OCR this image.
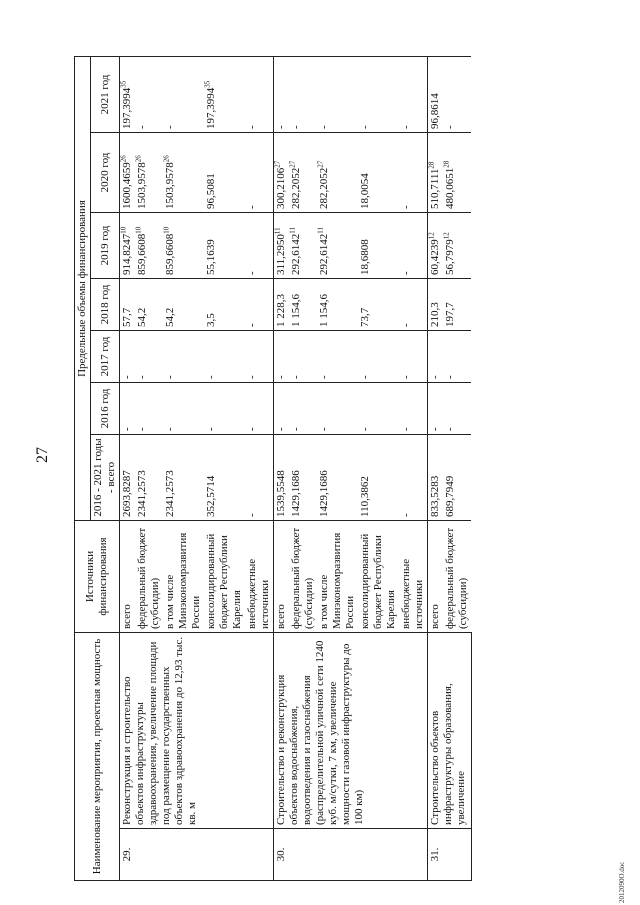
27
2012090O.doc
Наименование мероприятия, проектная мощность		Источники финансирования	Предельные объемы финансирования						
			2016 - 2021 годы - всего	2016 год	2017 год	2018 год	2019 год	2020 год	2021 год
29.	Реконструкция и строительство объектов инфраструктуры здравоохранения, увеличение площади под размещение государственных объектов здравоохранения до 12,93 тыс. кв. м	всего	2693,8287	-	-	57,7	914,8247$^{10}$	1600,4659$^{26}$	197,3994$^{35}$
		федеральный бюджет (субсидии)	2341,2573	-	-	54,2	859,6608$^{10}$	1503,9578$^{26}$	-
		в том числе Минэкономразвития России	2341,2573	-	-	54,2	859,6608$^{10}$	1503,9578$^{26}$	-
		консолидированный бюджет Республики Карелия	352,5714	-	-	3,5	55,1639	96,5081	197,3994$^{35}$
		внебюджетные источники	-	-	-	-	-	-	-
30.	Строительство и реконструкция объектов водоснабжения, водоотведения и газоснабжения (распределительной уличной сети 1240 куб. м/сутки, 7 км, увеличение мощности газовой инфраструктуры до 100 км)	всего	1539,5548	-	-	1 228,3	311,2950$^{11}$	300,2106$^{27}$	-
		федеральный бюджет (субсидии)	1429,1686	-	-	1 154,6	292,6142$^{11}$	282,2052$^{27}$	-
		в том числе Минэкономразвития России	1429,1686	-	-	1 154,6	292,6142$^{11}$	282,2052$^{27}$	-
		консолидированный бюджет Республики Карелия	110,3862	-	-	73,7	18,6808	18,0054	-
		внебюджетные источники	-	-	-	-	-	-	-
31.	Строительство объектов инфраструктуры образования, увеличение	всего	833,5283	-	-	210,3	60,4239$^{12}$	510,7111$^{28}$	96,8614
		федеральный бюджет (субсидии)	689,7949	-	-	197,7	56,7979$^{12}$	480,0651$^{28}$	-
